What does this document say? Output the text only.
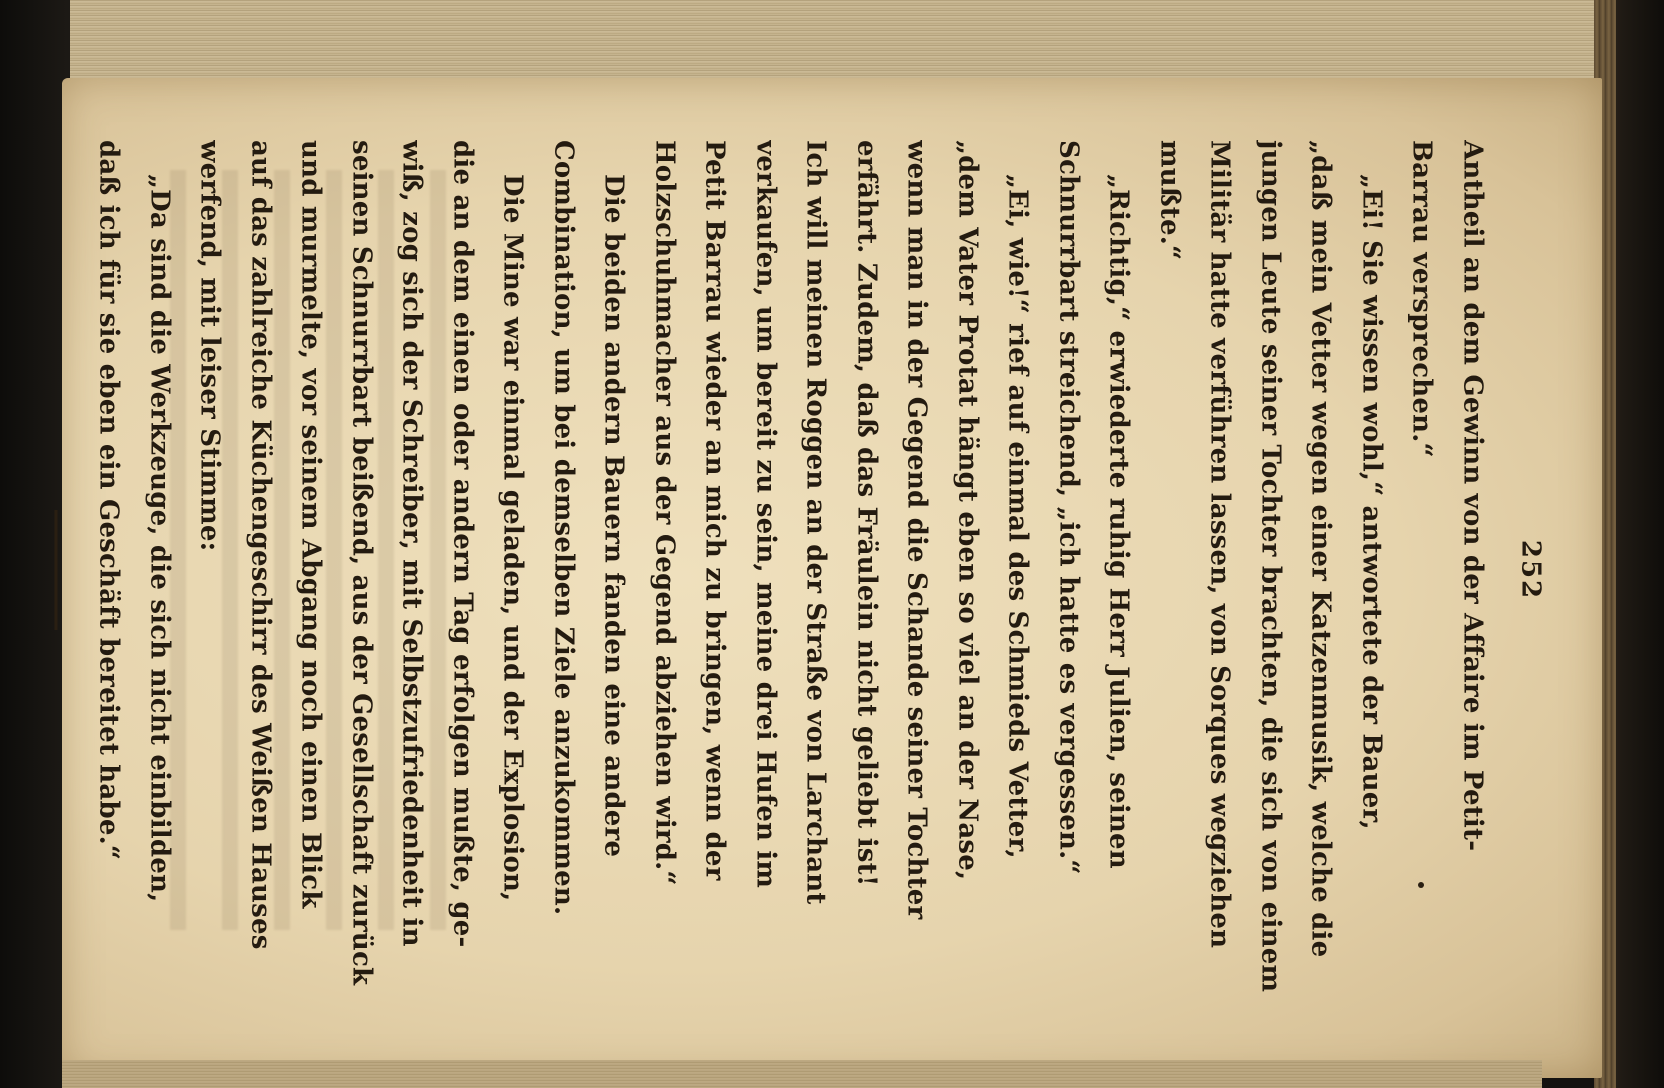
252
Antheil an dem Gewinn von der Affaire im Petit-
Barrau versprechen.“
„Ei! Sie wissen wohl,“ antwortete der Bauer,
„daß mein Vetter wegen einer Katzenmusik, welche die
jungen Leute seiner Tochter brachten, die sich von einem
Militär hatte verführen lassen, von Sorques wegziehen
mußte.“
„Richtig,“ erwiederte ruhig Herr Julien, seinen
Schnurrbart streichend, „ich hatte es vergessen.“
„Ei, wie!“ rief auf einmal des Schmieds Vetter,
„dem Vater Protat hängt eben so viel an der Nase,
wenn man in der Gegend die Schande seiner Tochter
erfährt. Zudem, daß das Fräulein nicht geliebt ist!
Ich will meinen Roggen an der Straße von Larchant
verkaufen, um bereit zu sein, meine drei Hufen im
Petit Barrau wieder an mich zu bringen, wenn der
Holzschuhmacher aus der Gegend abziehen wird.“
Die beiden andern Bauern fanden eine andere
Combination, um bei demselben Ziele anzukommen.
Die Mine war einmal geladen, und der Explosion,
die an dem einen oder andern Tag erfolgen mußte, ge-
wiß, zog sich der Schreiber, mit Selbstzufriedenheit in
seinen Schnurrbart beißend, aus der Gesellschaft zurück
und murmelte, vor seinem Abgang noch einen Blick
auf das zahlreiche Küchengeschirr des Weißen Hauses
werfend, mit leiser Stimme:
„Da sind die Werkzeuge, die sich nicht einbilden,
daß ich für sie eben ein Geschäft bereitet habe.“
